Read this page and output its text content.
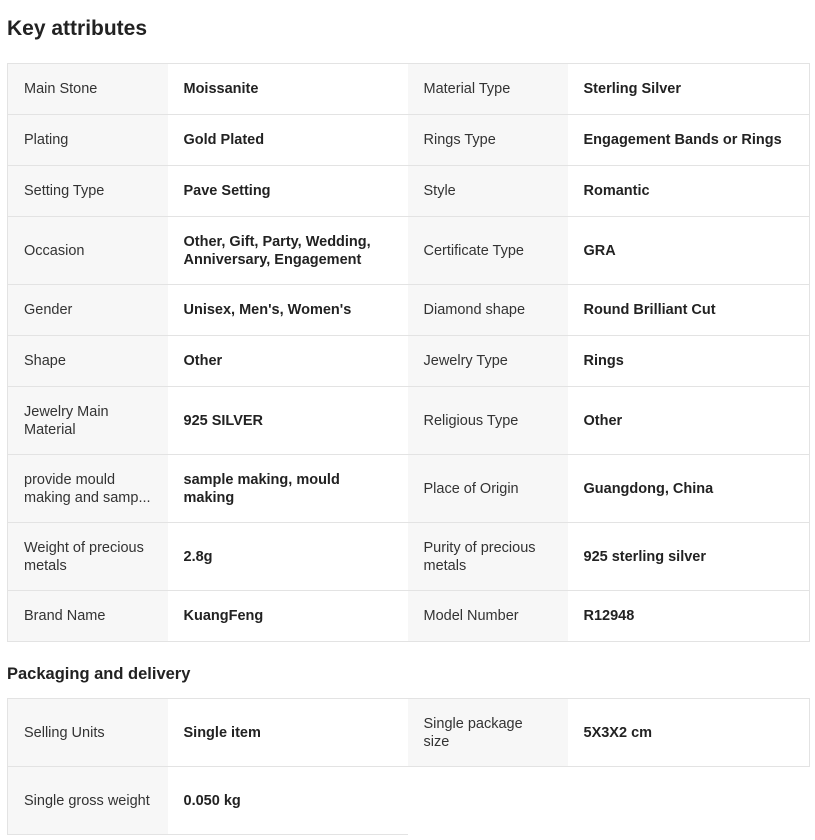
Key attributes
Main Stone	Moissanite	Material Type	Sterling Silver

Plating	Gold Plated	Rings Type	Engagement Bands or Rings

Setting Type	Pave Setting	Style	Romantic

Occasion	Other, Gift, Party, Wedding, Anniversary, Engagement	Certificate Type	GRA

Gender	Unisex, Men's, Women's	Diamond shape	Round Brilliant Cut

Shape	Other	Jewelry Type	Rings

Jewelry Main Material	925 SILVER	Religious Type	Other

provide mould making and samp...	sample making, mould making	Place of Origin	Guangdong, China

Weight of precious metals	2.8g	Purity of precious metals	925 sterling silver

Brand Name	KuangFeng	Model Number	R12948
Packaging and delivery
Selling Units	Single item	Single package size	5X3X2 cm

Single gross weight	0.050 kg		
